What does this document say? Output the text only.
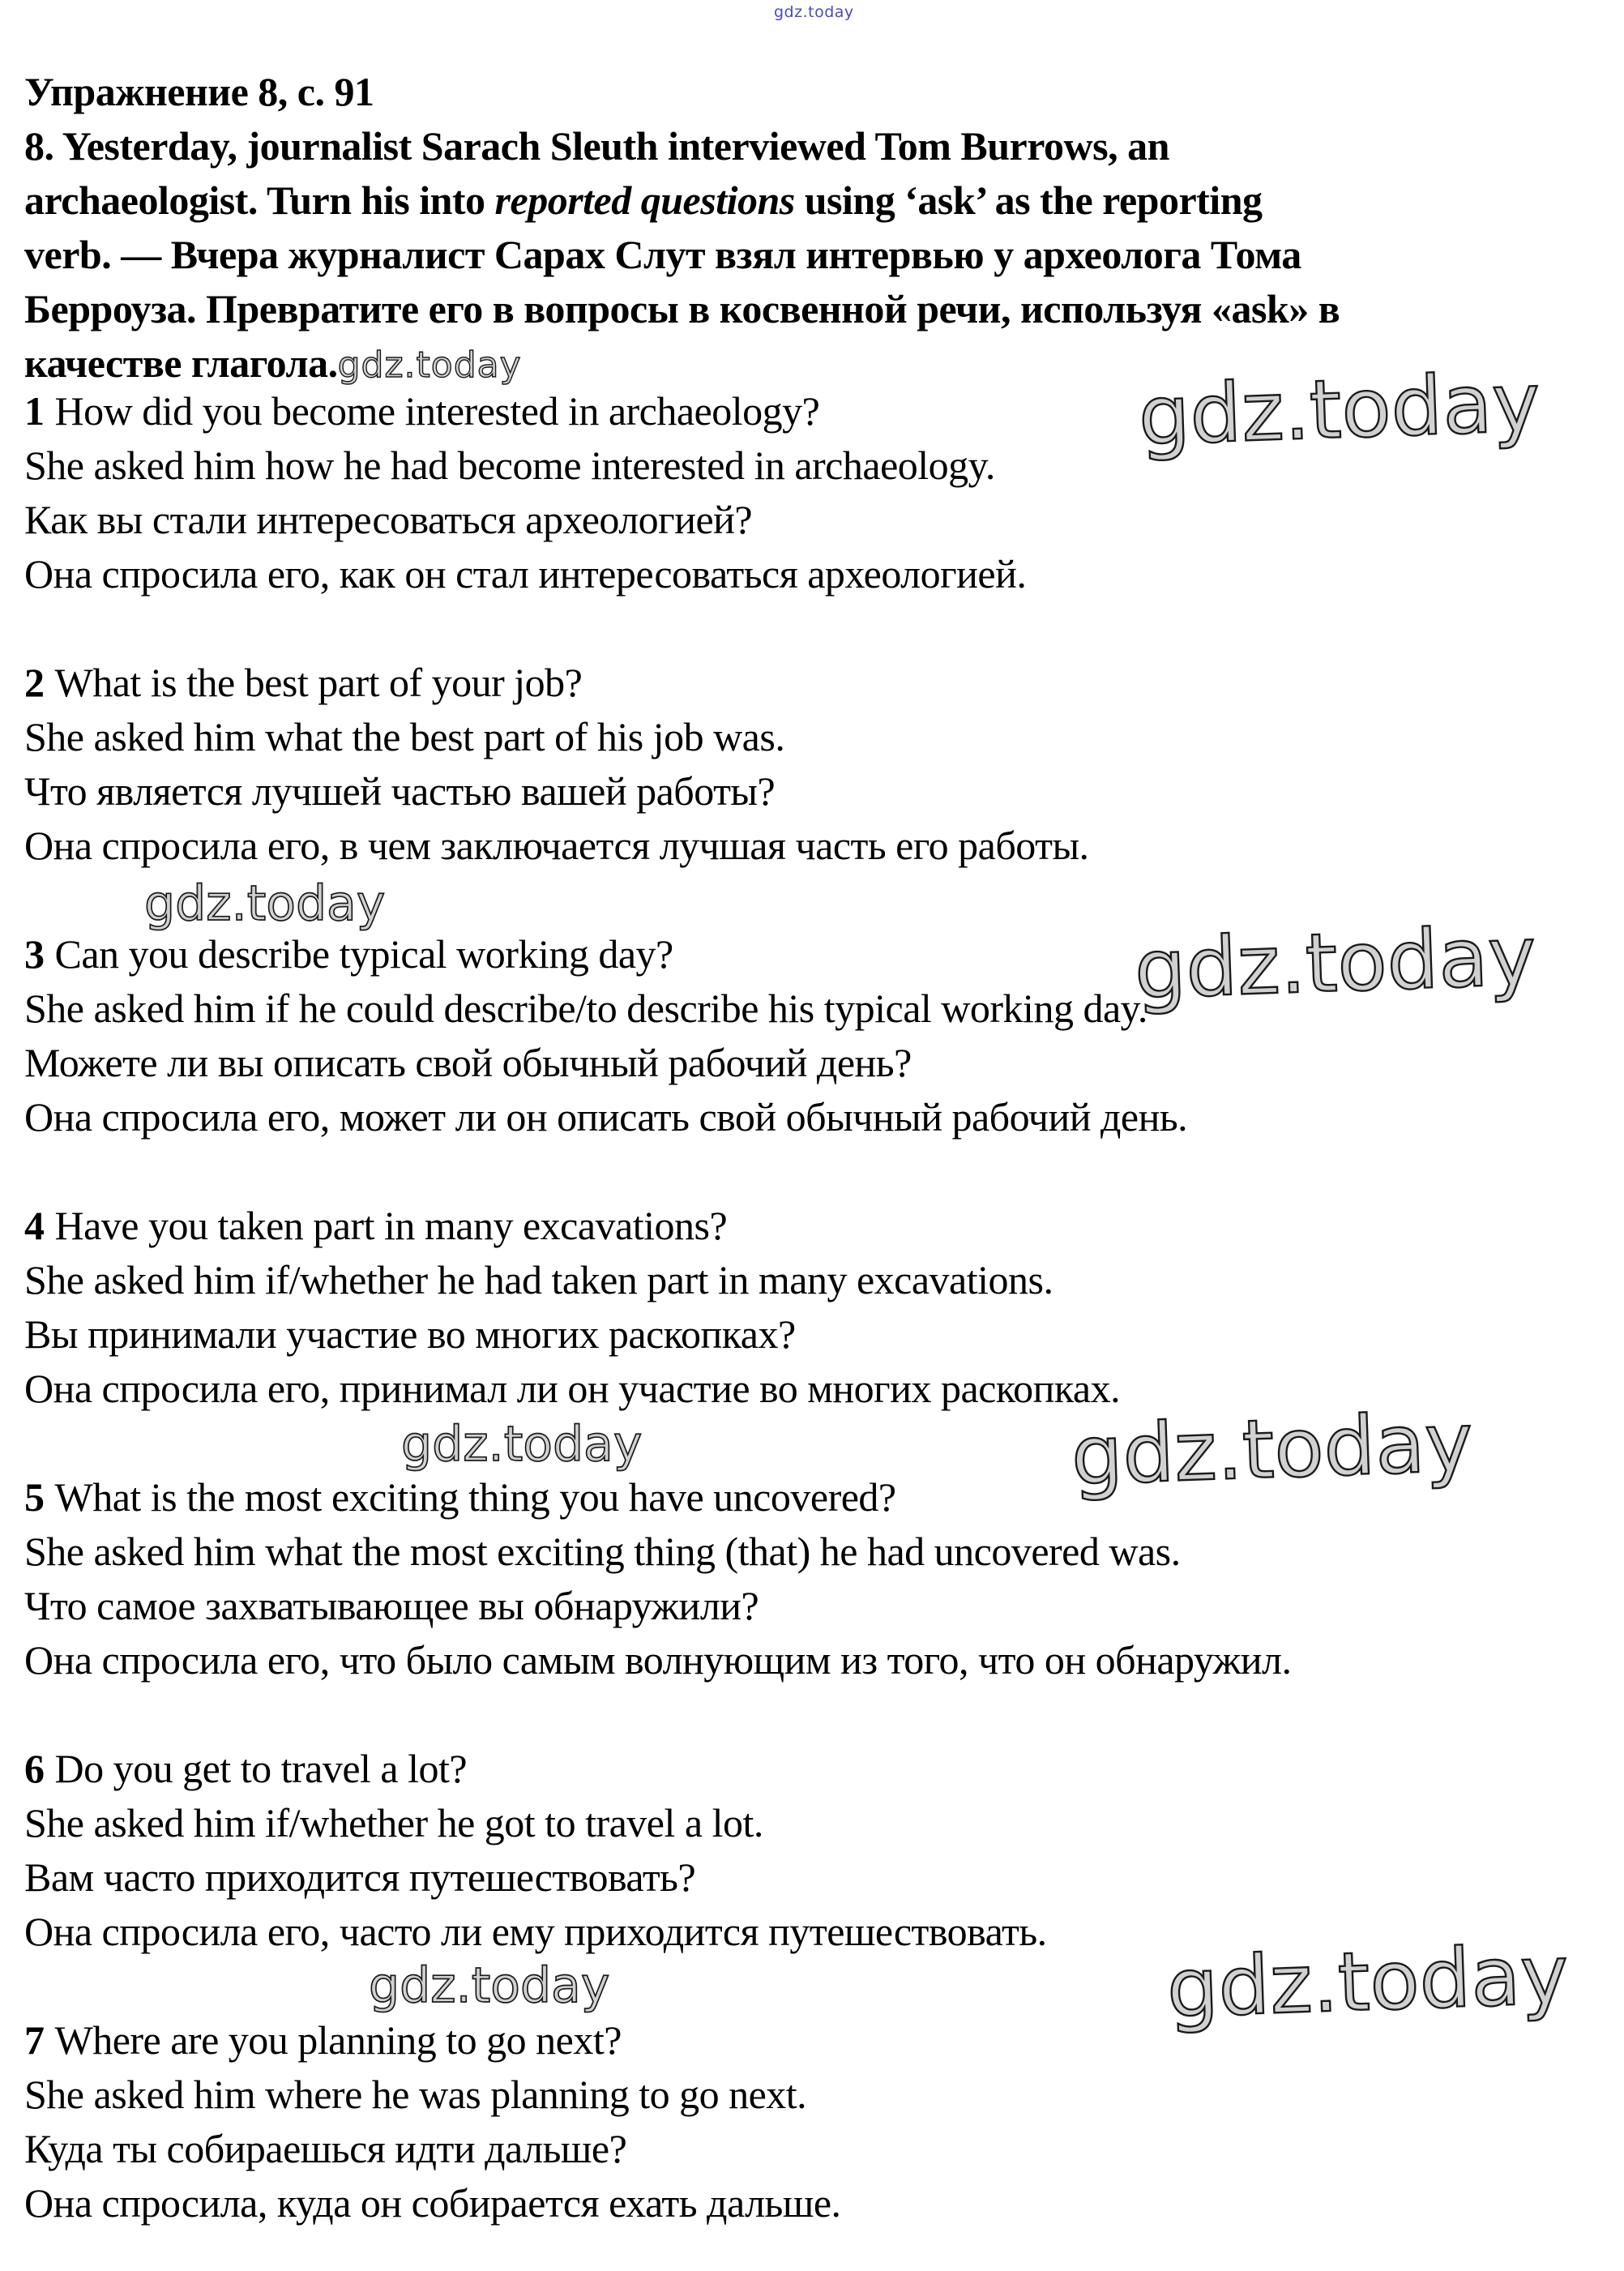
gdz.today
Упражнение 8, с. 91
8. Yesterday, journalist Sarach Sleuth interviewed Tom Burrows, an
archaeologist. Turn his into reported questions using ‘ask’ as the reporting
verb. — Вчера журналист Сарах Слут взял интервью у археолога Тома
Берроуза. Превратите его в вопросы в косвенной речи, используя «ask» в
качестве глагола.gdz.today	gdz.today
gdz.today
gdz.today
gdz.today
gdz.today
gdz.today
gdz.today
1 How did you become interested in archaeology?
She asked him how he had become interested in archaeology.
Как вы стали интересоваться археологией?
Она спросила его, как он стал интересоваться археологией.
2 What is the best part of your job?
She asked him what the best part of his job was.
Что является лучшей частью вашей работы?
Она спросила его, в чем заключается лучшая часть его работы.
3 Can you describe typical working day?
She asked him if he could describe/to describe his typical working day.
Можете ли вы описать свой обычный рабочий день?
Она спросила его, может ли он описать свой обычный рабочий день.
4 Have you taken part in many excavations?
She asked him if/whether he had taken part in many excavations.
Вы принимали участие во многих раскопках?
Она спросила его, принимал ли он участие во многих раскопках.
5 What is the most exciting thing you have uncovered?
She asked him what the most exciting thing (that) he had uncovered was.
Что самое захватывающее вы обнаружили?
Она спросила его, что было самым волнующим из того, что он обнаружил.
6 Do you get to travel a lot?
She asked him if/whether he got to travel a lot.
Вам часто приходится путешествовать?
Она спросила его, часто ли ему приходится путешествовать.
7 Where are you planning to go next?
She asked him where he was planning to go next.
Куда ты собираешься идти дальше?
Она спросила, куда он собирается ехать дальше.
